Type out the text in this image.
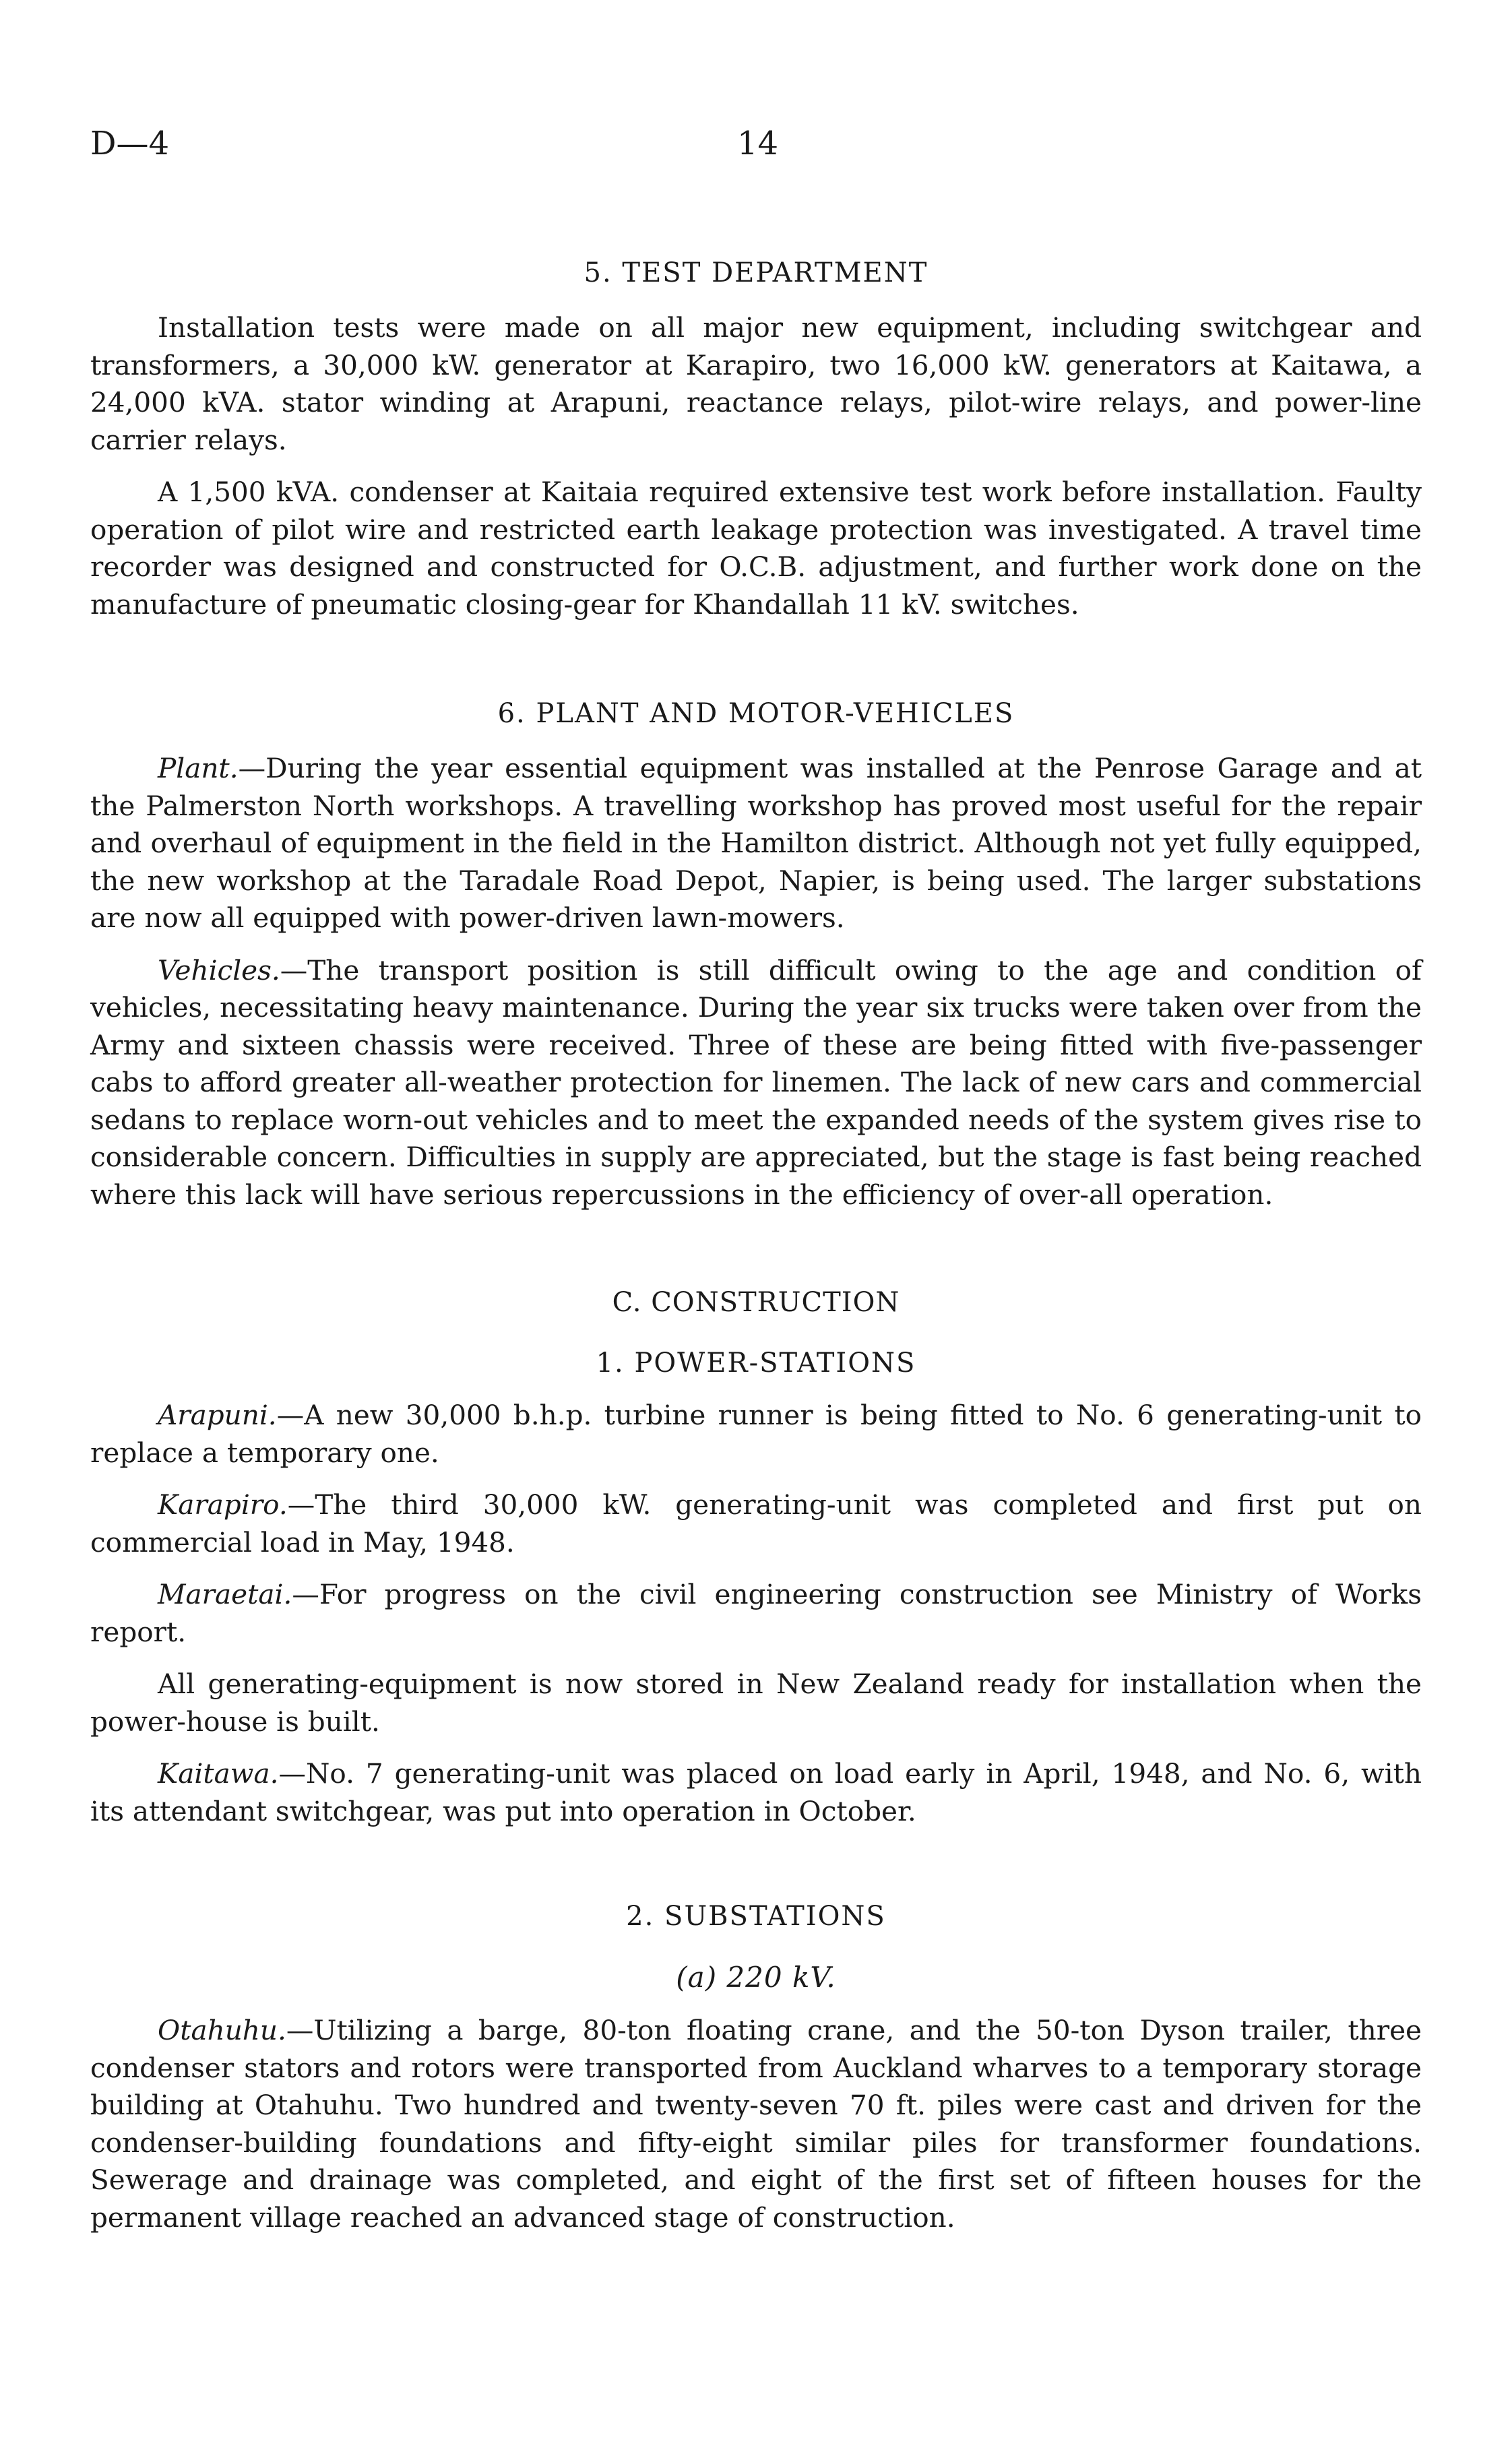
D—4	14
5. TEST DEPARTMENT

Installation tests were made on all major new equipment, including switchgear and transformers, a 30,000 kW. generator at Karapiro, two 16,000 kW. generators at Kaitawa, a 24,000 kVA. stator winding at Arapuni, reactance relays, pilot-wire relays, and power-line carrier relays.

A 1,500 kVA. condenser at Kaitaia required extensive test work before installation. Faulty operation of pilot wire and restricted earth leakage protection was investigated. A travel time recorder was designed and constructed for O.C.B. adjustment, and further work done on the manufacture of pneumatic closing-gear for Khandallah 11 kV. switches.

6. PLANT AND MOTOR-VEHICLES

Plant.—During the year essential equipment was installed at the Penrose Garage and at the Palmerston North workshops. A travelling workshop has proved most useful for the repair and overhaul of equipment in the field in the Hamilton district. Although not yet fully equipped, the new workshop at the Taradale Road Depot, Napier, is being used. The larger substations are now all equipped with power-driven lawn-mowers.

Vehicles.—The transport position is still difficult owing to the age and condition of vehicles, necessitating heavy maintenance. During the year six trucks were taken over from the Army and sixteen chassis were received. Three of these are being fitted with five-passenger cabs to afford greater all-weather protection for linemen. The lack of new cars and commercial sedans to replace worn-out vehicles and to meet the expanded needs of the system gives rise to considerable concern. Difficulties in supply are appreciated, but the stage is fast being reached where this lack will have serious repercussions in the efficiency of over-all operation.

C. CONSTRUCTION
1. POWER-STATIONS

Arapuni.—A new 30,000 b.h.p. turbine runner is being fitted to No. 6 generating-unit to replace a temporary one.

Karapiro.—The third 30,000 kW. generating-unit was completed and first put on commercial load in May, 1948.

Maraetai.—For progress on the civil engineering construction see Ministry of Works report.

All generating-equipment is now stored in New Zealand ready for installation when the power-house is built.

Kaitawa.—No. 7 generating-unit was placed on load early in April, 1948, and No. 6, with its attendant switchgear, was put into operation in October.

2. SUBSTATIONS
(a) 220 kV.

Otahuhu.—Utilizing a barge, 80-ton floating crane, and the 50-ton Dyson trailer, three condenser stators and rotors were transported from Auckland wharves to a temporary storage building at Otahuhu. Two hundred and twenty-seven 70 ft. piles were cast and driven for the condenser-building foundations and fifty-eight similar piles for transformer foundations. Sewerage and drainage was completed, and eight of the first set of fifteen houses for the permanent village reached an advanced stage of construction.
